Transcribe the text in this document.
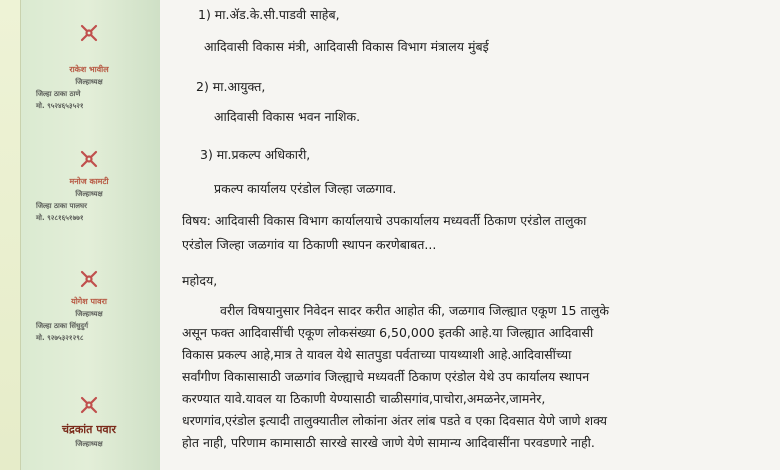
राकेश भावील
जिल्हाध्यक्ष
जिल्हा ठाका ठाणे
मो. ९५२४६५३५२१
मनोज कामटी
जिल्हाध्यक्ष
जिल्हा ठाका पालघर
मो. ९२८१६५१७७१
योगेश पावरा
जिल्हाध्यक्ष
जिल्हा ठाका सिंधुदुर्ग
मो. ९२७५३२१२९८
चंद्रकांत पवार
जिल्हाध्यक्ष
1) मा.ॲड.के.सी.पाडवी साहेब,
आदिवासी विकास मंत्री, आदिवासी विकास विभाग मंत्रालय मुंबई
2) मा.आयुक्त,
आदिवासी विकास भवन नाशिक.
3) मा.प्रकल्प अधिकारी,
प्रकल्प कार्यालय एरंडोल जिल्हा जळगाव.
विषय: आदिवासी विकास विभाग कार्यालयाचे उपकार्यालय मध्यवर्ती ठिकाण एरंडोल तालुका
एरंडोल जिल्हा जळगांव या ठिकाणी स्थापन करणेबाबत...
महोदय,
वरील विषयानुसार निवेदन सादर करीत आहोत की, जळगाव जिल्ह्यात एकूण 15 तालुके
असून फक्त आदिवासींची एकूण लोकसंख्या 6,50,000 इतकी आहे.या जिल्ह्यात आदिवासी
विकास प्रकल्प आहे,मात्र ते यावल येथे सातपुडा पर्वताच्या पायथ्याशी आहे.आदिवासींच्या
सर्वांगीण विकासासाठी जळगांव जिल्ह्याचे मध्यवर्ती ठिकाण एरंडोल येथे उप कार्यालय स्थापन
करण्यात यावे.यावल या ठिकाणी येण्यासाठी चाळीसगांव,पाचोरा,अमळनेर,जामनेर,
धरणगांव,एरंडोल इत्यादी तालुक्यातील लोकांना अंतर लांब पडते व एका दिवसात येणे जाणे शक्य
होत नाही, परिणाम कामासाठी सारखे सारखे जाणे येणे सामान्य आदिवासींना परवडणारे नाही.
